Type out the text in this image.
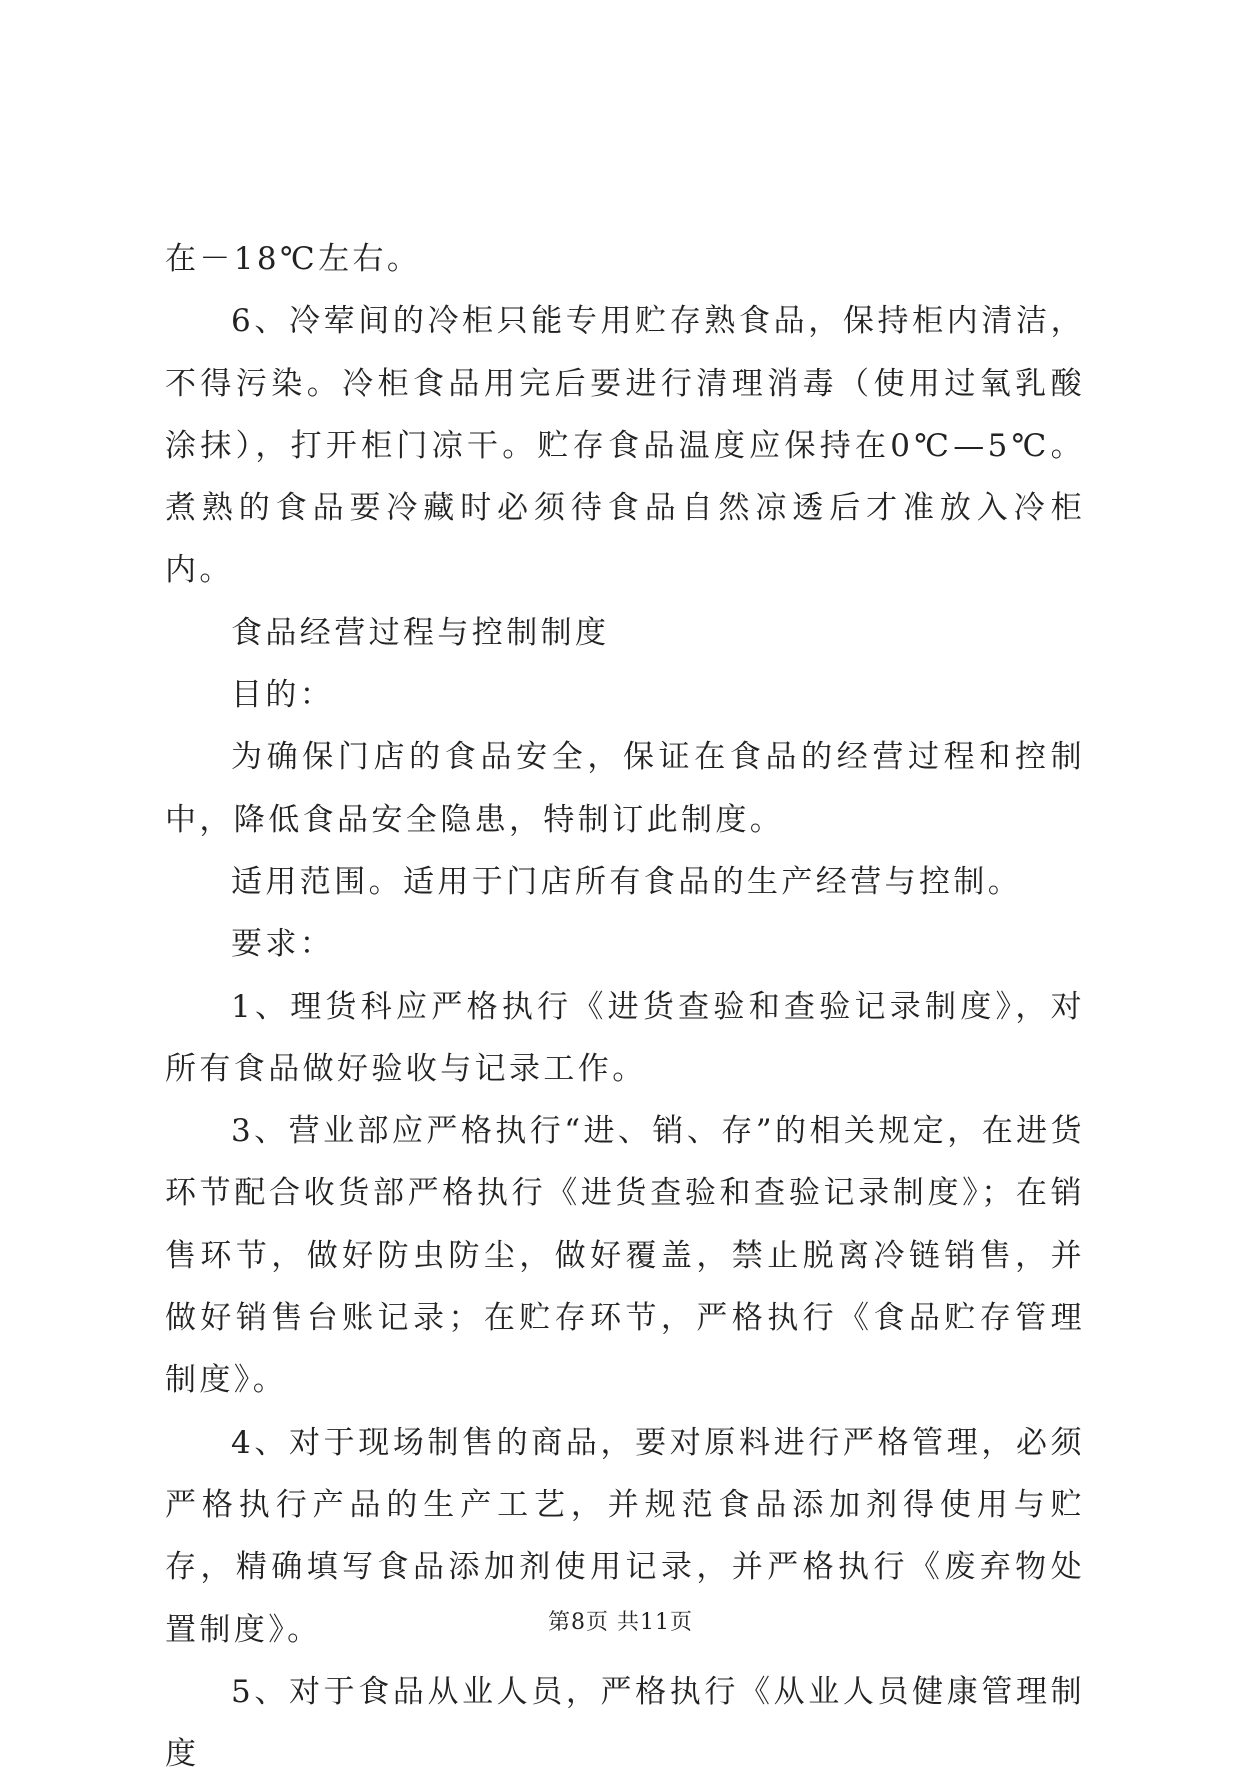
在－18℃左右。

6、冷荤间的冷柜只能专用贮存熟食品，保持柜内清洁，不得污染。冷柜食品用完后要进行清理消毒（使用过氧乳酸涂抹），打开柜门凉干。贮存食品温度应保持在0℃—5℃。煮熟的食品要冷藏时必须待食品自然凉透后才准放入冷柜内。

食品经营过程与控制制度

目的：

为确保门店的食品安全，保证在食品的经营过程和控制中，降低食品安全隐患，特制订此制度。

适用范围。适用于门店所有食品的生产经营与控制。

要求：

1、理货科应严格执行《进货查验和查验记录制度》，对所有食品做好验收与记录工作。

3、营业部应严格执行“进、销、存”的相关规定，在进货环节配合收货部严格执行《进货查验和查验记录制度》；在销售环节，做好防虫防尘，做好覆盖，禁止脱离冷链销售，并做好销售台账记录；在贮存环节，严格执行《食品贮存管理制度》。

4、对于现场制售的商品，要对原料进行严格管理，必须严格执行产品的生产工艺，并规范食品添加剂得使用与贮存，精确填写食品添加剂使用记录，并严格执行《废弃物处置制度》。

5、对于食品从业人员，严格执行《从业人员健康管理制度

第8页 共11页
